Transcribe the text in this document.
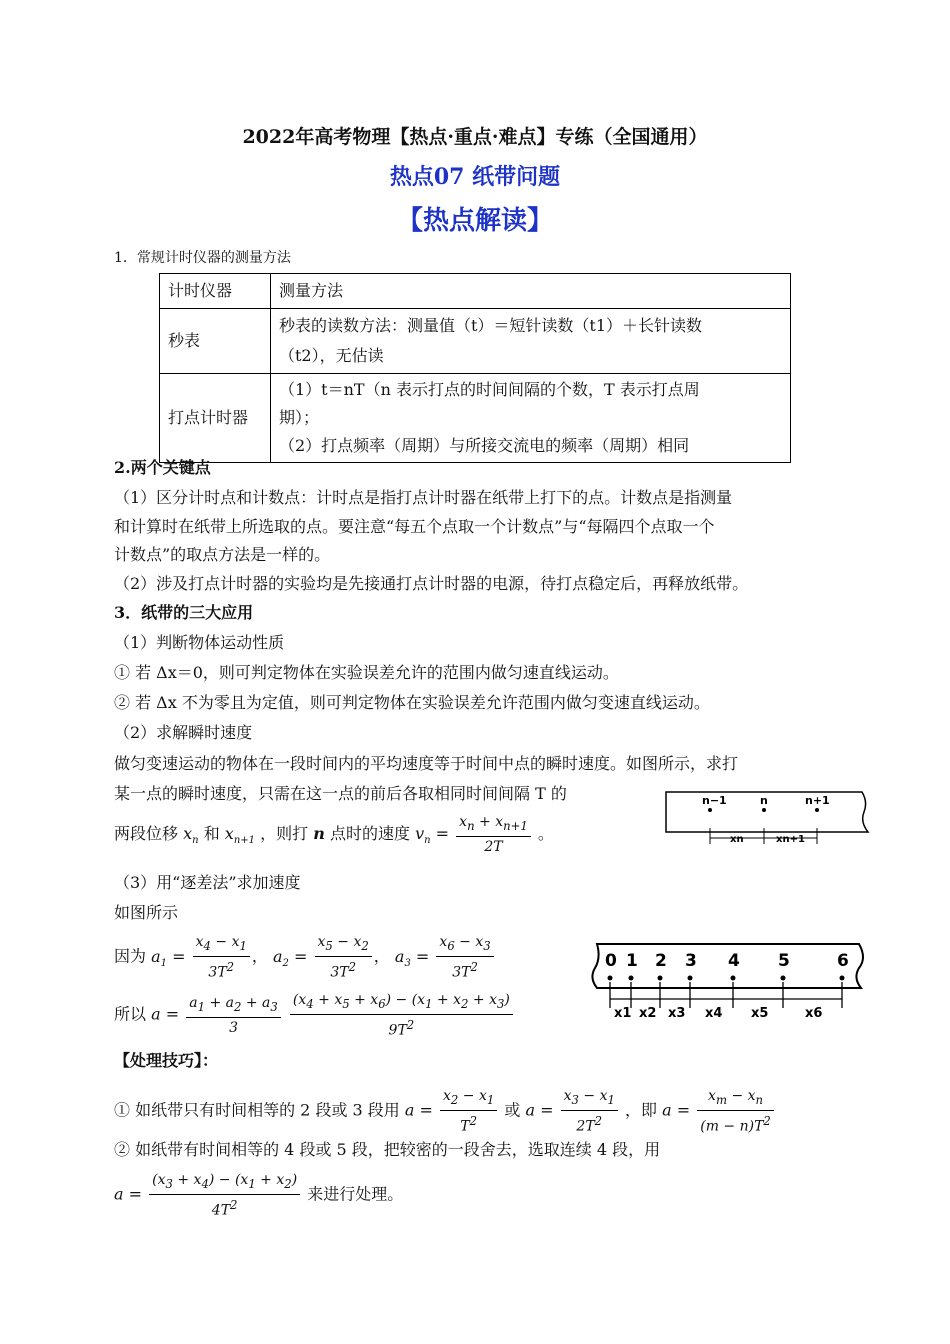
2022年高考物理【热点·重点·难点】专练（全国通用）
热点07 纸带问题
【热点解读】
1．常规计时仪器的测量方法
计时仪器	测量方法
秒表	秒表的读数方法：测量值（t）＝短针读数（t1）＋长针读数
（t2），无估读

打点计时器	（1）t＝nT（n 表示打点的时间间隔的个数，T 表示打点周
期）；
（2）打点频率（周期）与所接交流电的频率（周期）相同
2.两个关键点
（1）区分计时点和计数点：计时点是指打点计时器在纸带上打下的点。计数点是指测量
和计算时在纸带上所选取的点。要注意“每五个点取一个计数点”与“每隔四个点取一个
计数点”的取点方法是一样的。
（2）涉及打点计时器的实验均是先接通打点计时器的电源，待打点稳定后，再释放纸带。
3．纸带的三大应用
（1）判断物体运动性质
① 若 Δx＝0，则可判定物体在实验误差允许的范围内做匀速直线运动。
② 若 Δx 不为零且为定值，则可判定物体在实验误差允许范围内做匀变速直线运动。
（2）求解瞬时速度
做匀变速运动的物体在一段时间内的平均速度等于时间中点的瞬时速度。如图所示，求打
某一点的瞬时速度，只需在这一点的前后各取相同时间间隔 T 的
两段位移 $x_n$ 和 $x_{n+1}$ ，则打 n 点时的速度 $v_n = \frac{x_n + x_{n+1}}{2T}$ 。
n−1	n	n+1
xn	xn+1
（3）用“逐差法”求加速度
如图所示
因为 $a_1 = \frac{x_4 - x_1}{3T^2}$ ， $a_2 = \frac{x_5 - x_2}{3T^2}$ ， $a_3 = \frac{x_6 - x_3}{3T^2}$
所以 $a = \frac{a_1 + a_2 + a_3}{3}$
$\frac{(x_4 + x_5 + x_6) - (x_1 + x_2 + x_3)}{9T^2}$
0 1 2 3 4 5	6
x1 x2 x3 x4 x5	x6
【处理技巧】：
① 如纸带只有时间相等的 2 段或 3 段用 $a = \frac{x_2 - x_1}{T^2}$ 或 $a = \frac{x_3 - x_1}{2T^2}$ ，即 $a = \frac{x_m - x_n}{(m - n)T^2}$
② 如纸带有时间相等的 4 段或 5 段，把较密的一段舍去，选取连续 4 段，用
$a = \frac{(x_3 + x_4) - (x_1 + x_2)}{4T^2}$ 来进行处理。
